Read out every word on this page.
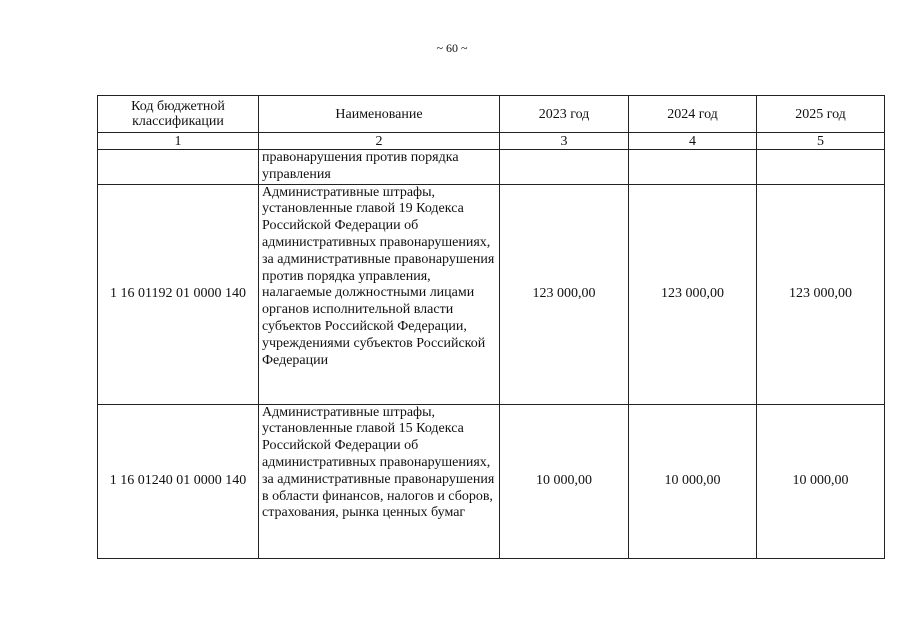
~ 60 ~
Код бюджетной классификации	Наименование	2023 год	2024 год	2025 год
1	2	3	4	5
	правонарушения против порядка управления			
1 16 01192 01 0000 140	Административные штрафы, установленные главой 19 Кодекса Российской Федерации об административных правонарушениях, за административные правонарушения против порядка управления, налагаемые должностными лицами органов исполнительной власти субъектов Российской Федерации, учреждениями субъектов Российской Федерации	123 000,00	123 000,00	123 000,00
1 16 01240 01 0000 140	Административные штрафы, установленные главой 15 Кодекса Российской Федерации об административных правонарушениях, за административные правонарушения в области финансов, налогов и сборов, страхования, рынка ценных бумаг	10 000,00	10 000,00	10 000,00
